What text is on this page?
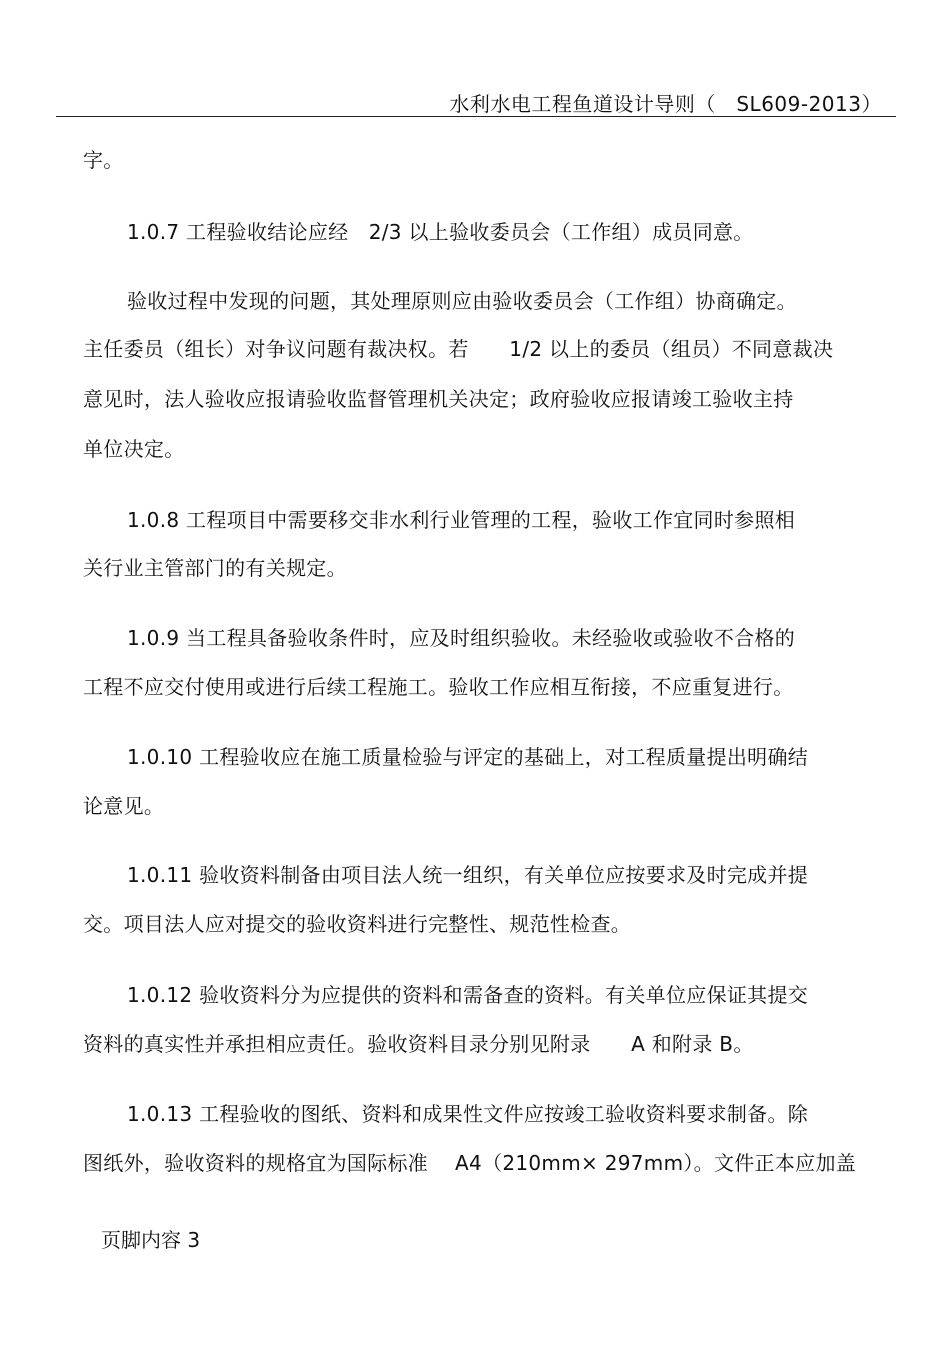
水利水电工程鱼道设计导则（　SL609-2013）
字。
1.0.7 工程验收结论应经　2/3 以上验收委员会（工作组）成员同意。
验收过程中发现的问题，其处理原则应由验收委员会（工作组）协商确定。
主任委员（组长）对争议问题有裁决权。若　　1/2 以上的委员（组员）不同意裁决
意见时，法人验收应报请验收监督管理机关决定；政府验收应报请竣工验收主持
单位决定。
1.0.8 工程项目中需要移交非水利行业管理的工程，验收工作宜同时参照相
关行业主管部门的有关规定。
1.0.9 当工程具备验收条件时，应及时组织验收。未经验收或验收不合格的
工程不应交付使用或进行后续工程施工。验收工作应相互衔接，不应重复进行。
1.0.10 工程验收应在施工质量检验与评定的基础上，对工程质量提出明确结
论意见。
1.0.11 验收资料制备由项目法人统一组织，有关单位应按要求及时完成并提
交。项目法人应对提交的验收资料进行完整性、规范性检查。
1.0.12 验收资料分为应提供的资料和需备查的资料。有关单位应保证其提交
资料的真实性并承担相应责任。验收资料目录分别见附录　　A 和附录 B。
1.0.13 工程验收的图纸、资料和成果性文件应按竣工验收资料要求制备。除
图纸外，验收资料的规格宜为国际标准　 A4（210mm× 297mm）。文件正本应加盖
页脚内容 3
